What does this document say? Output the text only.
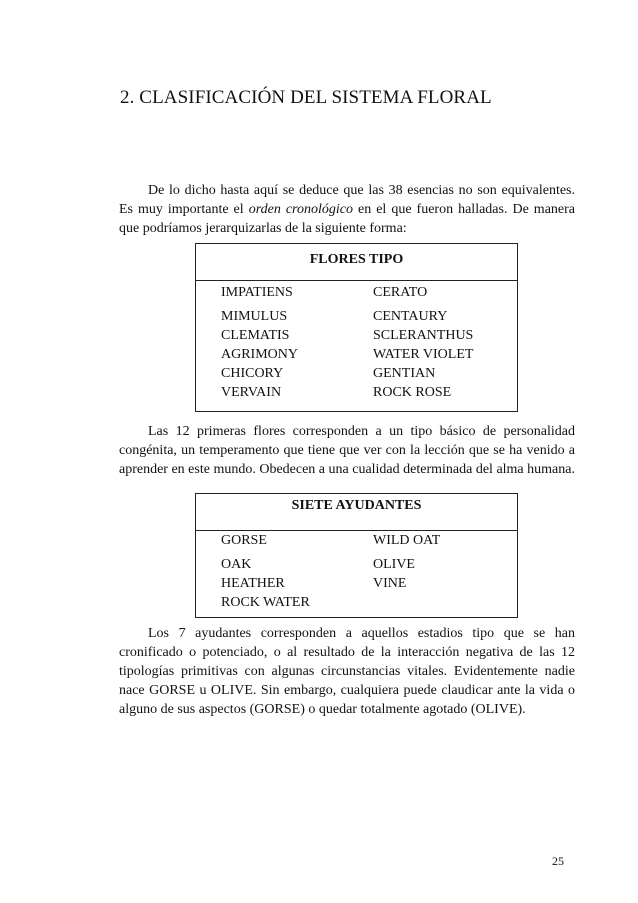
2. CLASIFICACIÓN DEL SISTEMA FLORAL

De lo dicho hasta aquí se deduce que las 38 esencias no son equivalentes. Es muy importante el orden cronológico en el que fueron halladas. De manera que podríamos jerarquizarlas de la siguiente forma:

FLORES TIPO
IMPATIENS
MIMULUS
CLEMATIS
AGRIMONY
CHICORY
VERVAIN
CERATO
CENTAURY
SCLERANTHUS
WATER VIOLET
GENTIAN
ROCK ROSE

Las 12 primeras flores corresponden a un tipo básico de personalidad congénita, un temperamento que tiene que ver con la lección que se ha venido a aprender en este mundo. Obedecen a una cualidad determinada del alma humana.

SIETE AYUDANTES
GORSE
OAK
HEATHER
ROCK WATER
WILD OAT
OLIVE
VINE

Los 7 ayudantes corresponden a aquellos estadios tipo que se han cronificado o potenciado, o al resultado de la interacción negativa de las 12 tipologías primitivas con algunas circunstancias vitales. Evidentemente nadie nace GORSE u OLIVE. Sin embargo, cualquiera puede claudicar ante la vida o alguno de sus aspectos (GORSE) o quedar totalmente agotado (OLIVE).

25
